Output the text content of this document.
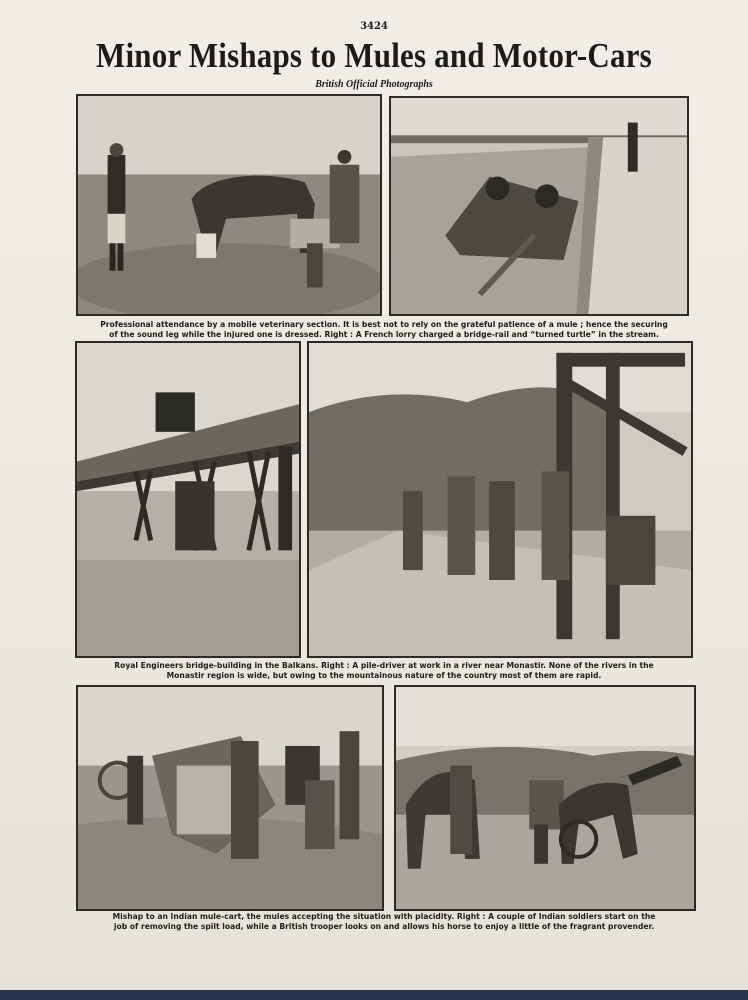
3424
Minor Mishaps to Mules and Motor-Cars
British Official Photographs
Professional attendance by a mobile veterinary section. It is best not to rely on the grateful patience of a mule ; hence the securing
of the sound leg while the injured one is dressed. Right : A French lorry charged a bridge-rail and “turned turtle” in the stream.
Royal Engineers bridge-building in the Balkans. Right : A pile-driver at work in a river near Monastir. None of the rivers in the
Monastir region is wide, but owing to the mountainous nature of the country most of them are rapid.
Mishap to an Indian mule-cart, the mules accepting the situation with placidity. Right : A couple of Indian soldiers start on the
job of removing the spilt load, while a British trooper looks on and allows his horse to enjoy a little of the fragrant provender.
